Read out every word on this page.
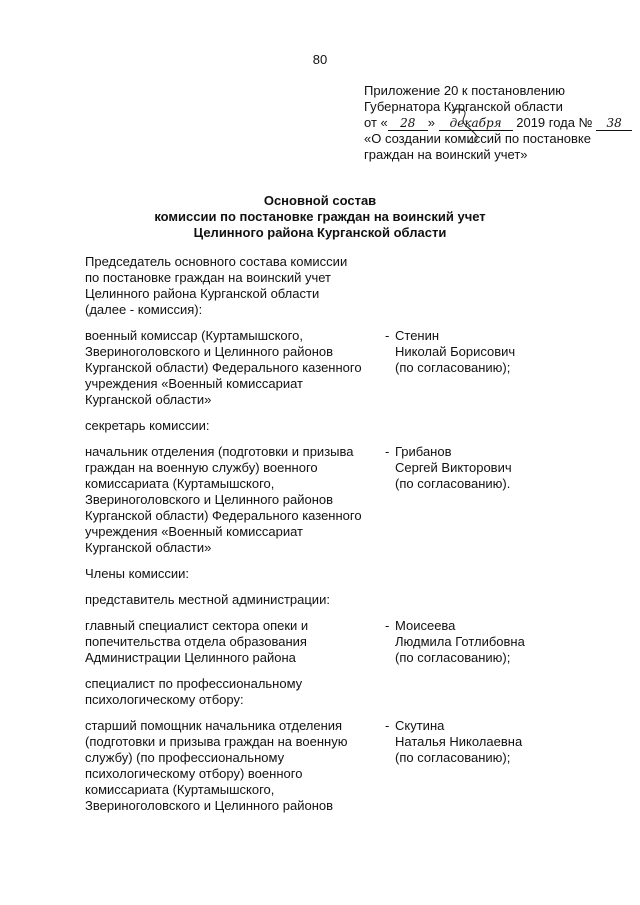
80
Приложение 20 к постановлению
Губернатора Курганской области
от « 28 » декабря 2019 года № 38
«О создании комиссий по постановке
граждан на воинский учет»
Основной состав
комиссии по постановке граждан на воинский учет
Целинного района Курганской области
Председатель основного состава комиссии
по постановке граждан на воинский учет
Целинного района Курганской области
(далее - комиссия):
военный комиссар (Куртамышского,
Звериноголовского и Целинного районов
Курганской области) Федерального казенного
учреждения «Военный комиссариат
Курганской области»
- Стенин
Николай Борисович
(по согласованию);
секретарь комиссии:
начальник отделения (подготовки и призыва
граждан на военную службу) военного
комиссариата (Куртамышского,
Звериноголовского и Целинного районов
Курганской области) Федерального казенного
учреждения «Военный комиссариат
Курганской области»
- Грибанов
Сергей Викторович
(по согласованию).
Члены комиссии:
представитель местной администрации:
главный специалист сектора опеки и
попечительства отдела образования
Администрации Целинного района
- Моисеева
Людмила Готлибовна
(по согласованию);
специалист по профессиональному
психологическому отбору:
старший помощник начальника отделения
(подготовки и призыва граждан на военную
службу) (по профессиональному
психологическому отбору) военного
комиссариата (Куртамышского,
Звериноголовского и Целинного районов
- Скутина
Наталья Николаевна
(по согласованию);
